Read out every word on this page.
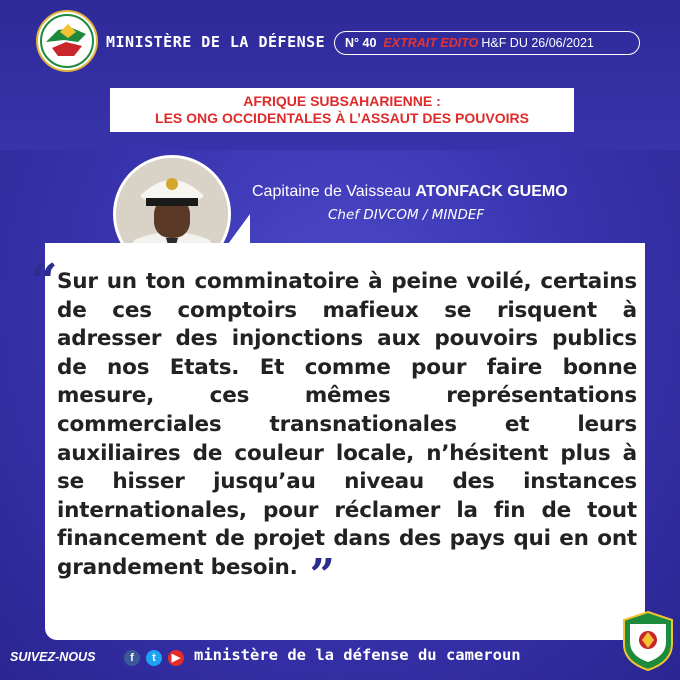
MINISTÈRE DE LA DÉFENSE N° 40 EXTRAIT EDITO H&F DU 26/06/2021
AFRIQUE SUBSAHARIENNE :
LES ONG OCCIDENTALES À L’ASSAUT DES POUVOIRS
Capitaine de Vaisseau ATONFACK GUEMO
Chef DIVCOM / MINDEF
“ Sur un ton comminatoire à peine voilé, certains de ces comptoirs mafieux se risquent à adresser des injonctions aux pouvoirs publics de nos Etats. Et comme pour faire bonne mesure, ces mêmes représentations commerciales transnationales et leurs auxiliaires de couleur locale, n’hésitent plus à se hisser jusqu’au niveau des instances internationales, pour réclamer la fin de tout financement de projet dans des pays qui en ont grandement besoin. ”
SUIVEZ-NOUS	f	t	▶ ministère de la défense du cameroun
